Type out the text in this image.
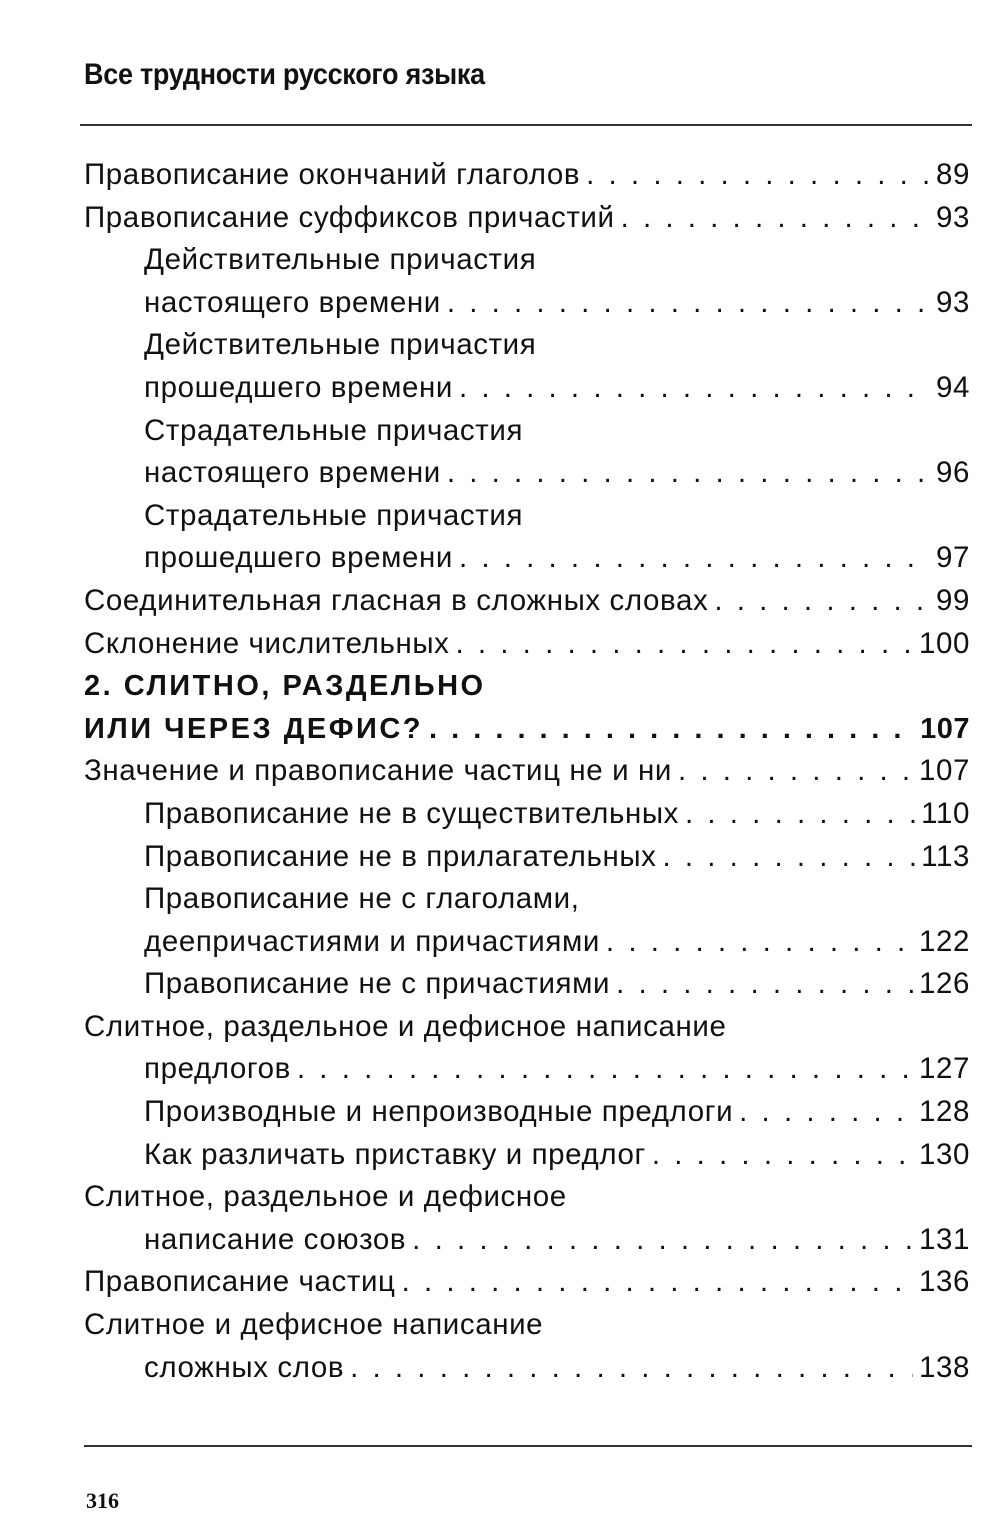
Все трудности русского языка
Правописание окончаний глаголов . . .	89
Правописание суффиксов причастий . . .	93
Действительные причастия
настоящего времени . . .	93
Действительные причастия
прошедшего времени . . .	94
Страдательные причастия
настоящего времени . . .	96
Страдательные причастия
прошедшего времени . . .	97
Соединительная гласная в сложных словах . . .	99
Склонение числительных . . .	100
2. СЛИТНО, РАЗДЕЛЬНО
ИЛИ ЧЕРЕЗ ДЕФИС? . . .	107
Значение и правописание частиц не и ни . . .	107
Правописание не в существительных . . .	110
Правописание не в прилагательных . . .	113
Правописание не с глаголами,
деепричастиями и причастиями . . .	122
Правописание не с причастиями . . .	126
Слитное, раздельное и дефисное написание
предлогов . . .	127
Производные и непроизводные предлоги . . .	128
Как различать приставку и предлог . . .	130
Слитное, раздельное и дефисное
написание союзов . . .	131
Правописание частиц . . .	136
Слитное и дефисное написание
сложных слов . . .	138
316
